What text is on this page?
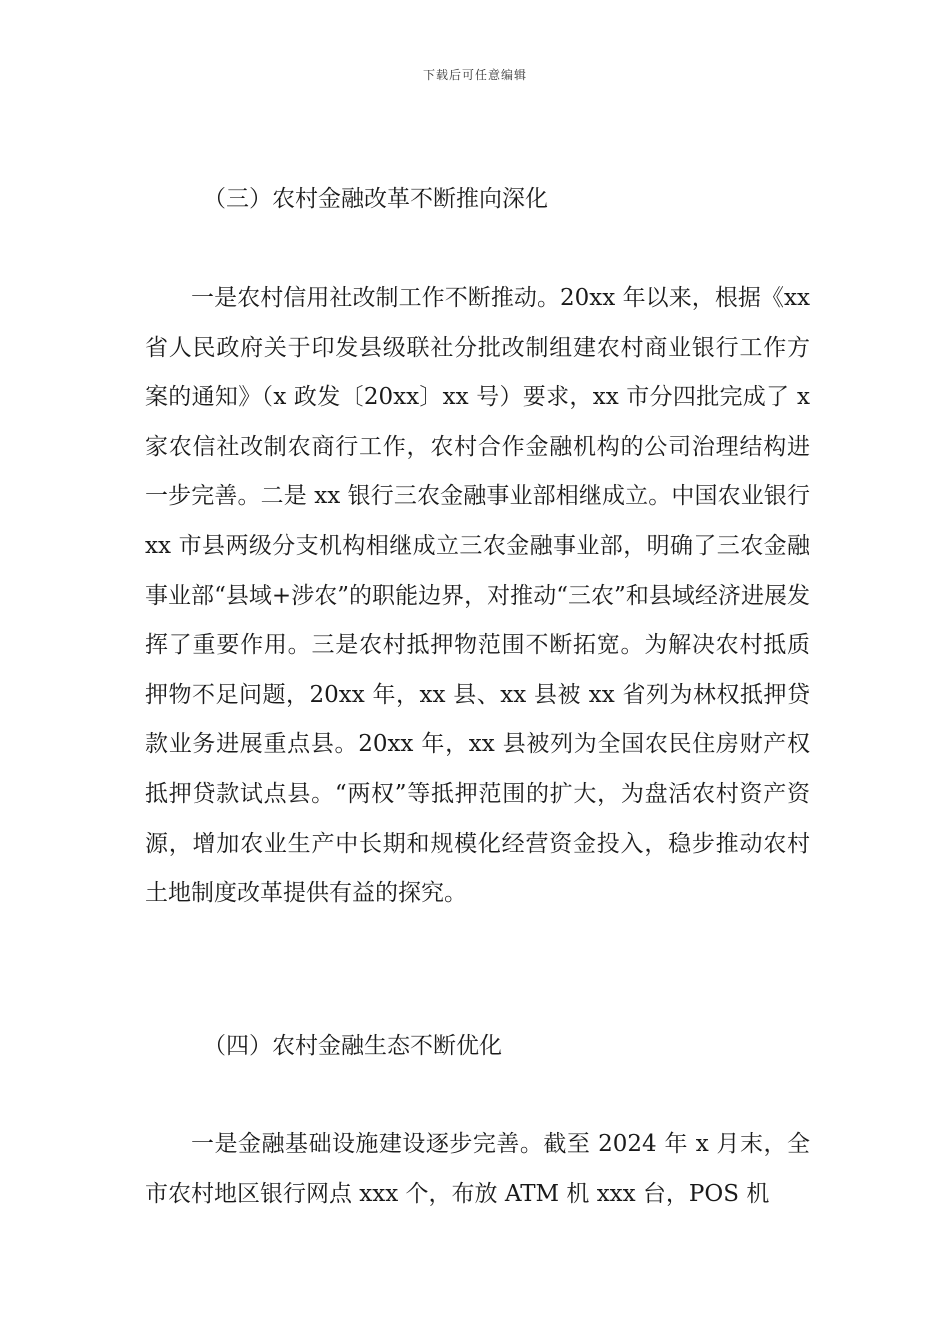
下载后可任意编辑
（三）农村金融改革不断推向深化
一是农村信用社改制工作不断推动。20xx 年以来，根据《xx 省人民政府关于印发县级联社分批改制组建农村商业银行工作方案的通知》（x 政发〔20xx〕xx 号）要求，xx 市分四批完成了 x 家农信社改制农商行工作，农村合作金融机构的公司治理结构进一步完善。二是 xx 银行三农金融事业部相继成立。中国农业银行 xx 市县两级分支机构相继成立三农金融事业部，明确了三农金融事业部“县域+涉农”的职能边界，对推动“三农”和县域经济进展发挥了重要作用。三是农村抵押物范围不断拓宽。为解决农村抵质押物不足问题，20xx 年，xx 县、xx 县被 xx 省列为林权抵押贷款业务进展重点县。20xx 年，xx 县被列为全国农民住房财产权抵押贷款试点县。“两权”等抵押范围的扩大，为盘活农村资产资源，增加农业生产中长期和规模化经营资金投入，稳步推动农村土地制度改革提供有益的探究。
（四）农村金融生态不断优化
一是金融基础设施建设逐步完善。截至 2024 年 x 月末，全市农村地区银行网点 xxx 个，布放 ATM 机 xxx 台，POS 机
